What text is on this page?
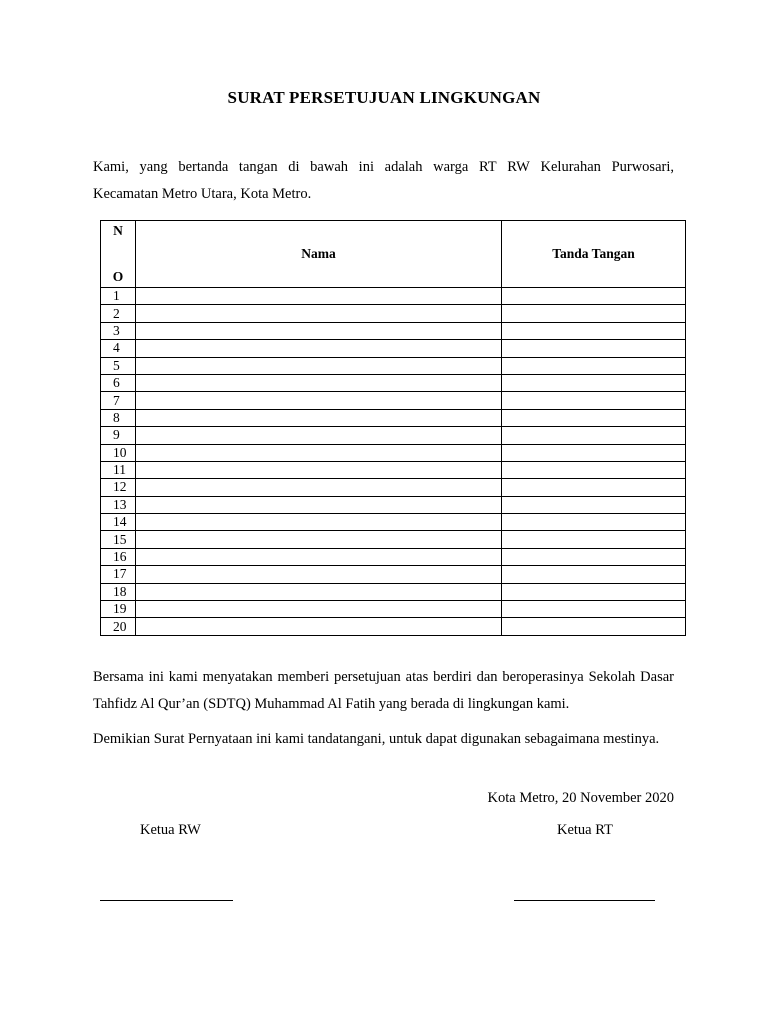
SURAT PERSETUJUAN LINGKUNGAN
Kami, yang bertanda tangan di bawah ini adalah warga RT RW Kelurahan Purwosari,
Kecamatan Metro Utara, Kota Metro.
N
O	Nama	Tanda Tangan
1		
2		
3		
4		
5		
6		
7		
8		
9		
10		
11		
12		
13		
14		
15		
16		
17		
18		
19		
20		
Bersama ini kami menyatakan memberi persetujuan atas berdiri dan beroperasinya Sekolah Dasar Tahfidz Al Qur’an (SDTQ) Muhammad Al Fatih yang berada di lingkungan kami.
Demikian Surat Pernyataan ini kami tandatangani, untuk dapat digunakan sebagaimana mestinya.
Kota Metro, 20 November 2020
Ketua RW	Ketua RT
